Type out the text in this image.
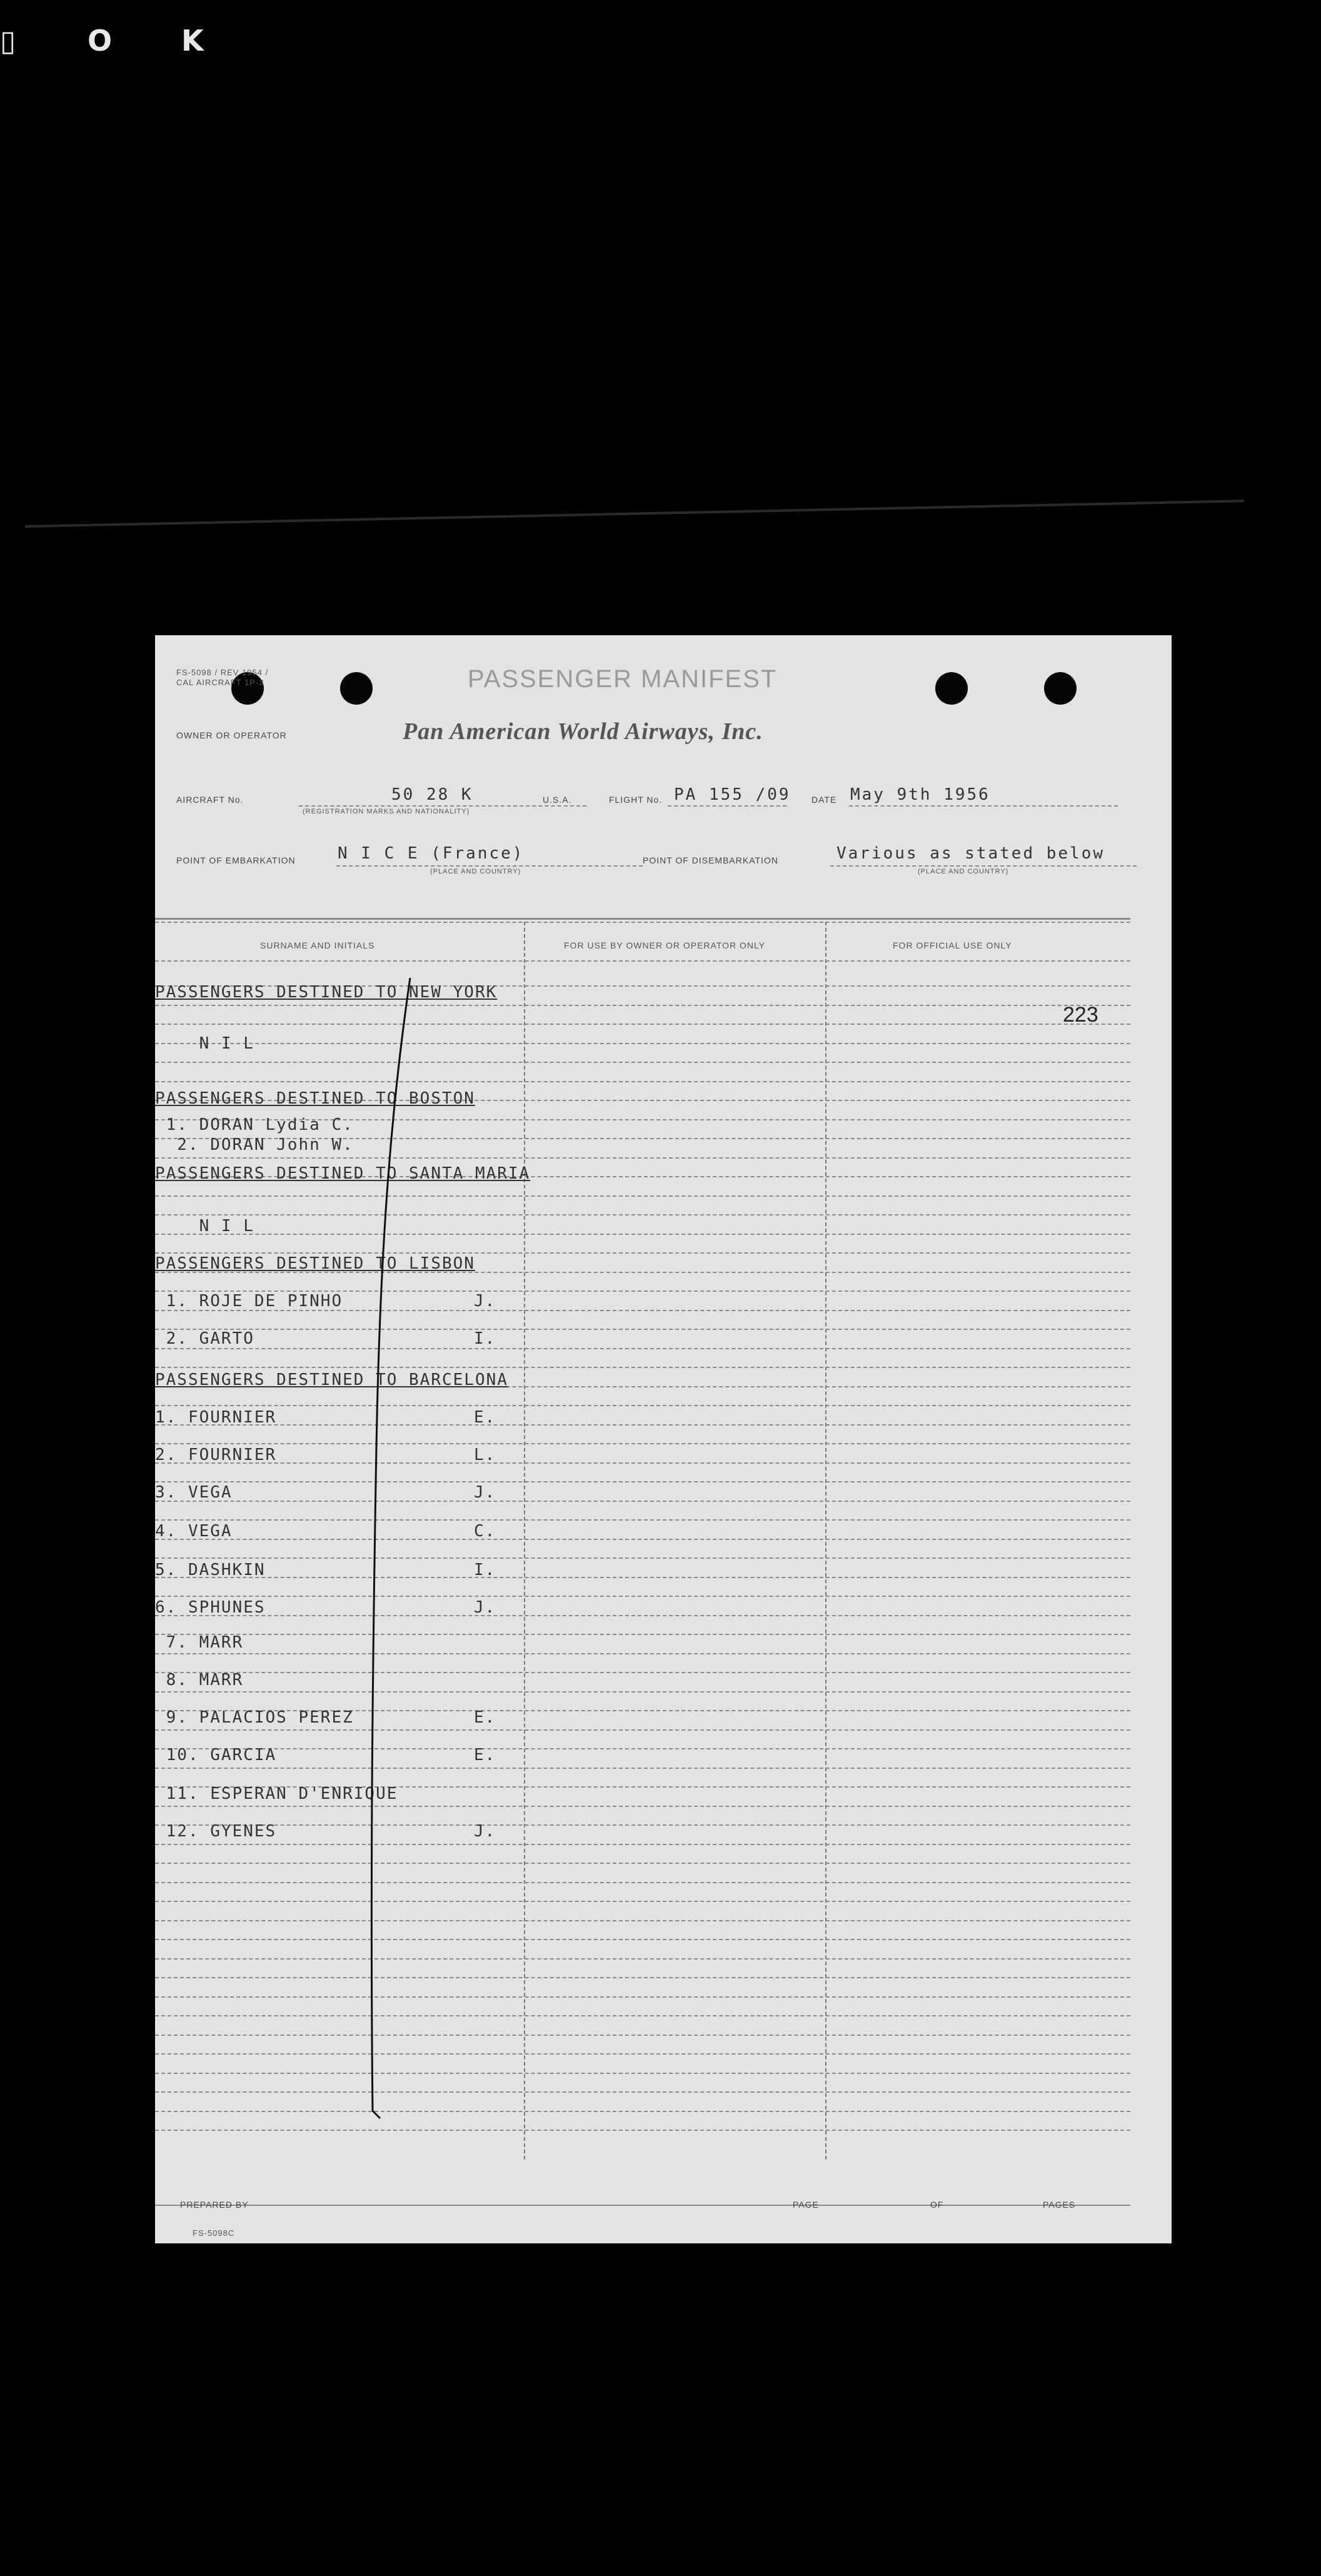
▯ O K
FS-5098 / REV 1954 / CAL AIRCRAFT 1P-3	PASSENGER MANIFEST
OWNER OR OPERATOR	Pan American World Airways, Inc.
AIRCRAFT No.	50 28 K
(REGISTRATION MARKS AND NATIONALITY)
U.S.A.	FLIGHT No. PA 155 /09 DATE May 9th 1956
POINT OF EMBARKATION	N I C E (France)
(PLACE AND COUNTRY)
POINT OF DISEMBARKATION	Various as stated below
(PLACE AND COUNTRY)
SURNAME AND INITIALS	FOR USE BY OWNER OR OPERATOR ONLY	FOR OFFICIAL USE ONLY
223
PASSENGERS DESTINED TO NEW YORK
N I L
PASSENGERS DESTINED TO BOSTON
1. DORAN Lydia C.
2. DORAN John W.
PASSENGERS DESTINED TO SANTA MARIA
N I L
PASSENGERS DESTINED TO LISBON
1. ROJE DE PINHO	J.
2. GARTO	I.
PASSENGERS DESTINED TO BARCELONA
1. FOURNIER	E.
2. FOURNIER	L.
3. VEGA	J.
4. VEGA	C.
5. DASHKIN	I.
6. SPHUNES	J.
7. MARR
8. MARR
9. PALACIOS PEREZ	E.
10. GARCIA	E.
11. ESPERAN D'ENRIQUE
12. GYENES	J.
PREPARED BY	PAGE	OF	PAGES
FS-5098C
